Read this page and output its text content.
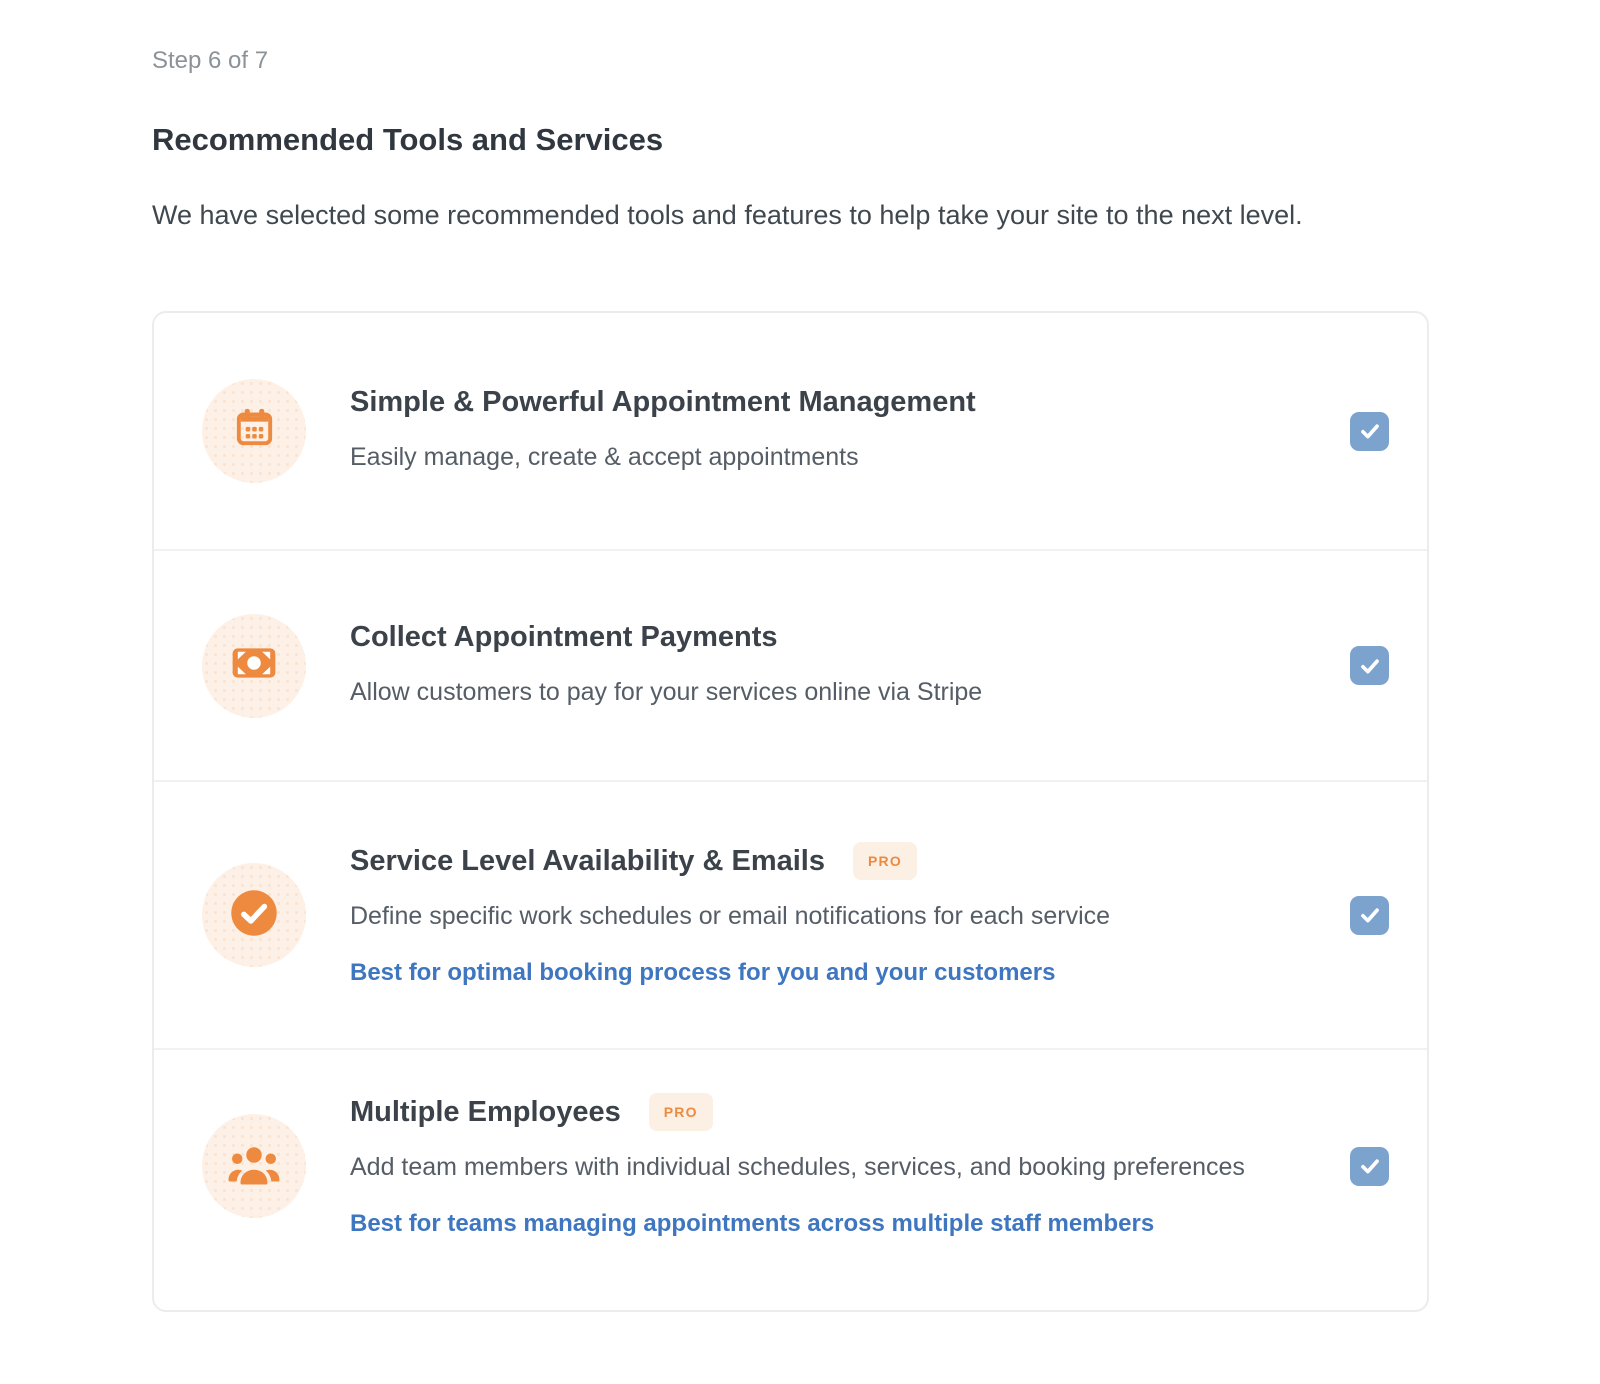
Step 6 of 7
Recommended Tools and Services

We have selected some recommended tools and features to help take your site to the next level.

Simple & Powerful Appointment Management
Easily manage, create & accept appointments
Collect Appointment Payments
Allow customers to pay for your services online via Stripe
Service Level Availability & Emails	PRO
Define specific work schedules or email notifications for each service
Best for optimal booking process for you and your customers
Multiple Employees	PRO
Add team members with individual schedules, services, and booking preferences
Best for teams managing appointments across multiple staff members
